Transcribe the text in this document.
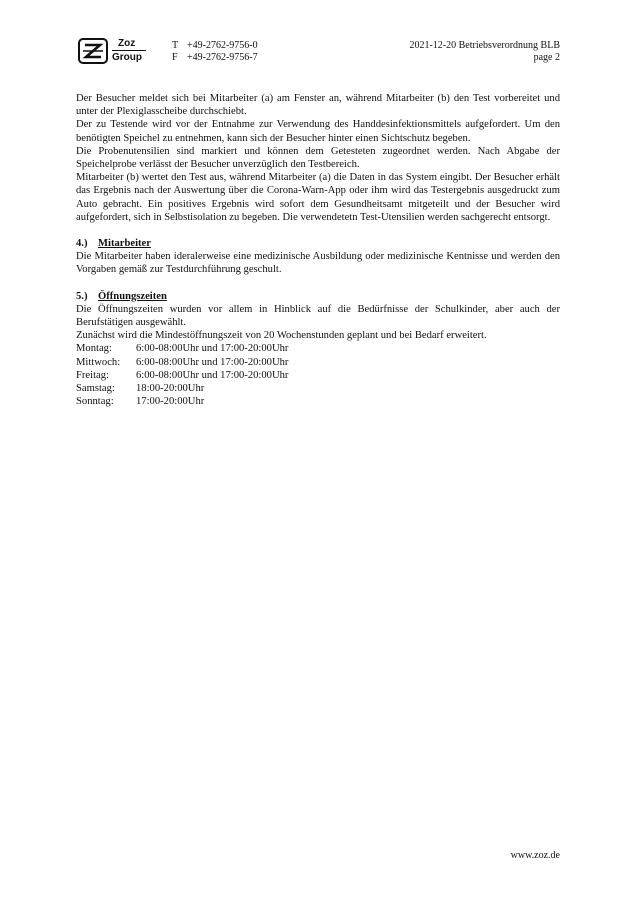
Zoz
Group
T +49-2762-9756-0
F +49-2762-9756-7
2021-12-20 Betriebsverordnung BLB
page 2

Der Besucher meldet sich bei Mitarbeiter (a) am Fenster an, während Mitarbeiter (b) den Test vorbereitet und unter der Plexiglasscheibe durchschiebt.

Der zu Testende wird vor der Entnahme zur Verwendung des Handdesinfektionsmittels aufgefordert. Um den benötigten Speichel zu entnehmen, kann sich der Besucher hinter einen Sichtschutz begeben.

Die Probenutensilien sind markiert und können dem Getesteten zugeordnet werden. Nach Abgabe der Speichelprobe verlässt der Besucher unverzüglich den Testbereich.

Mitarbeiter (b) wertet den Test aus, während Mitarbeiter (a) die Daten in das System eingibt. Der Besucher erhält das Ergebnis nach der Auswertung über die Corona-Warn-App oder ihm wird das Testergebnis ausgedruckt zum Auto gebracht. Ein positives Ergebnis wird sofort dem Gesundheitsamt mitgeteilt und der Besucher wird aufgefordert, sich in Selbstisolation zu begeben. Die verwendetetn Test-Utensilien werden sachgerecht entsorgt.

4.) Mitarbeiter

Die Mitarbeiter haben ideralerweise eine medizinische Ausbildung oder medizinische Kentnisse und werden den Vorgaben gemäß zur Testdurchführung geschult.

5.) Öffnungszeiten

Die Öffnungszeiten wurden vor allem in Hinblick auf die Bedürfnisse der Schulkinder, aber auch der Berufstätigen ausgewählt.

Zunächst wird die Mindestöffnungszeit von 20 Wochenstunden geplant und bei Bedarf erweitert.

Montag:	6:00-08:00Uhr und 17:00-20:00Uhr
Mittwoch:	6:00-08:00Uhr und 17:00-20:00Uhr
Freitag:	6:00-08:00Uhr und 17:00-20:00Uhr
Samstag:	18:00-20:00Uhr
Sonntag:	17:00-20:00Uhr
www.zoz.de
